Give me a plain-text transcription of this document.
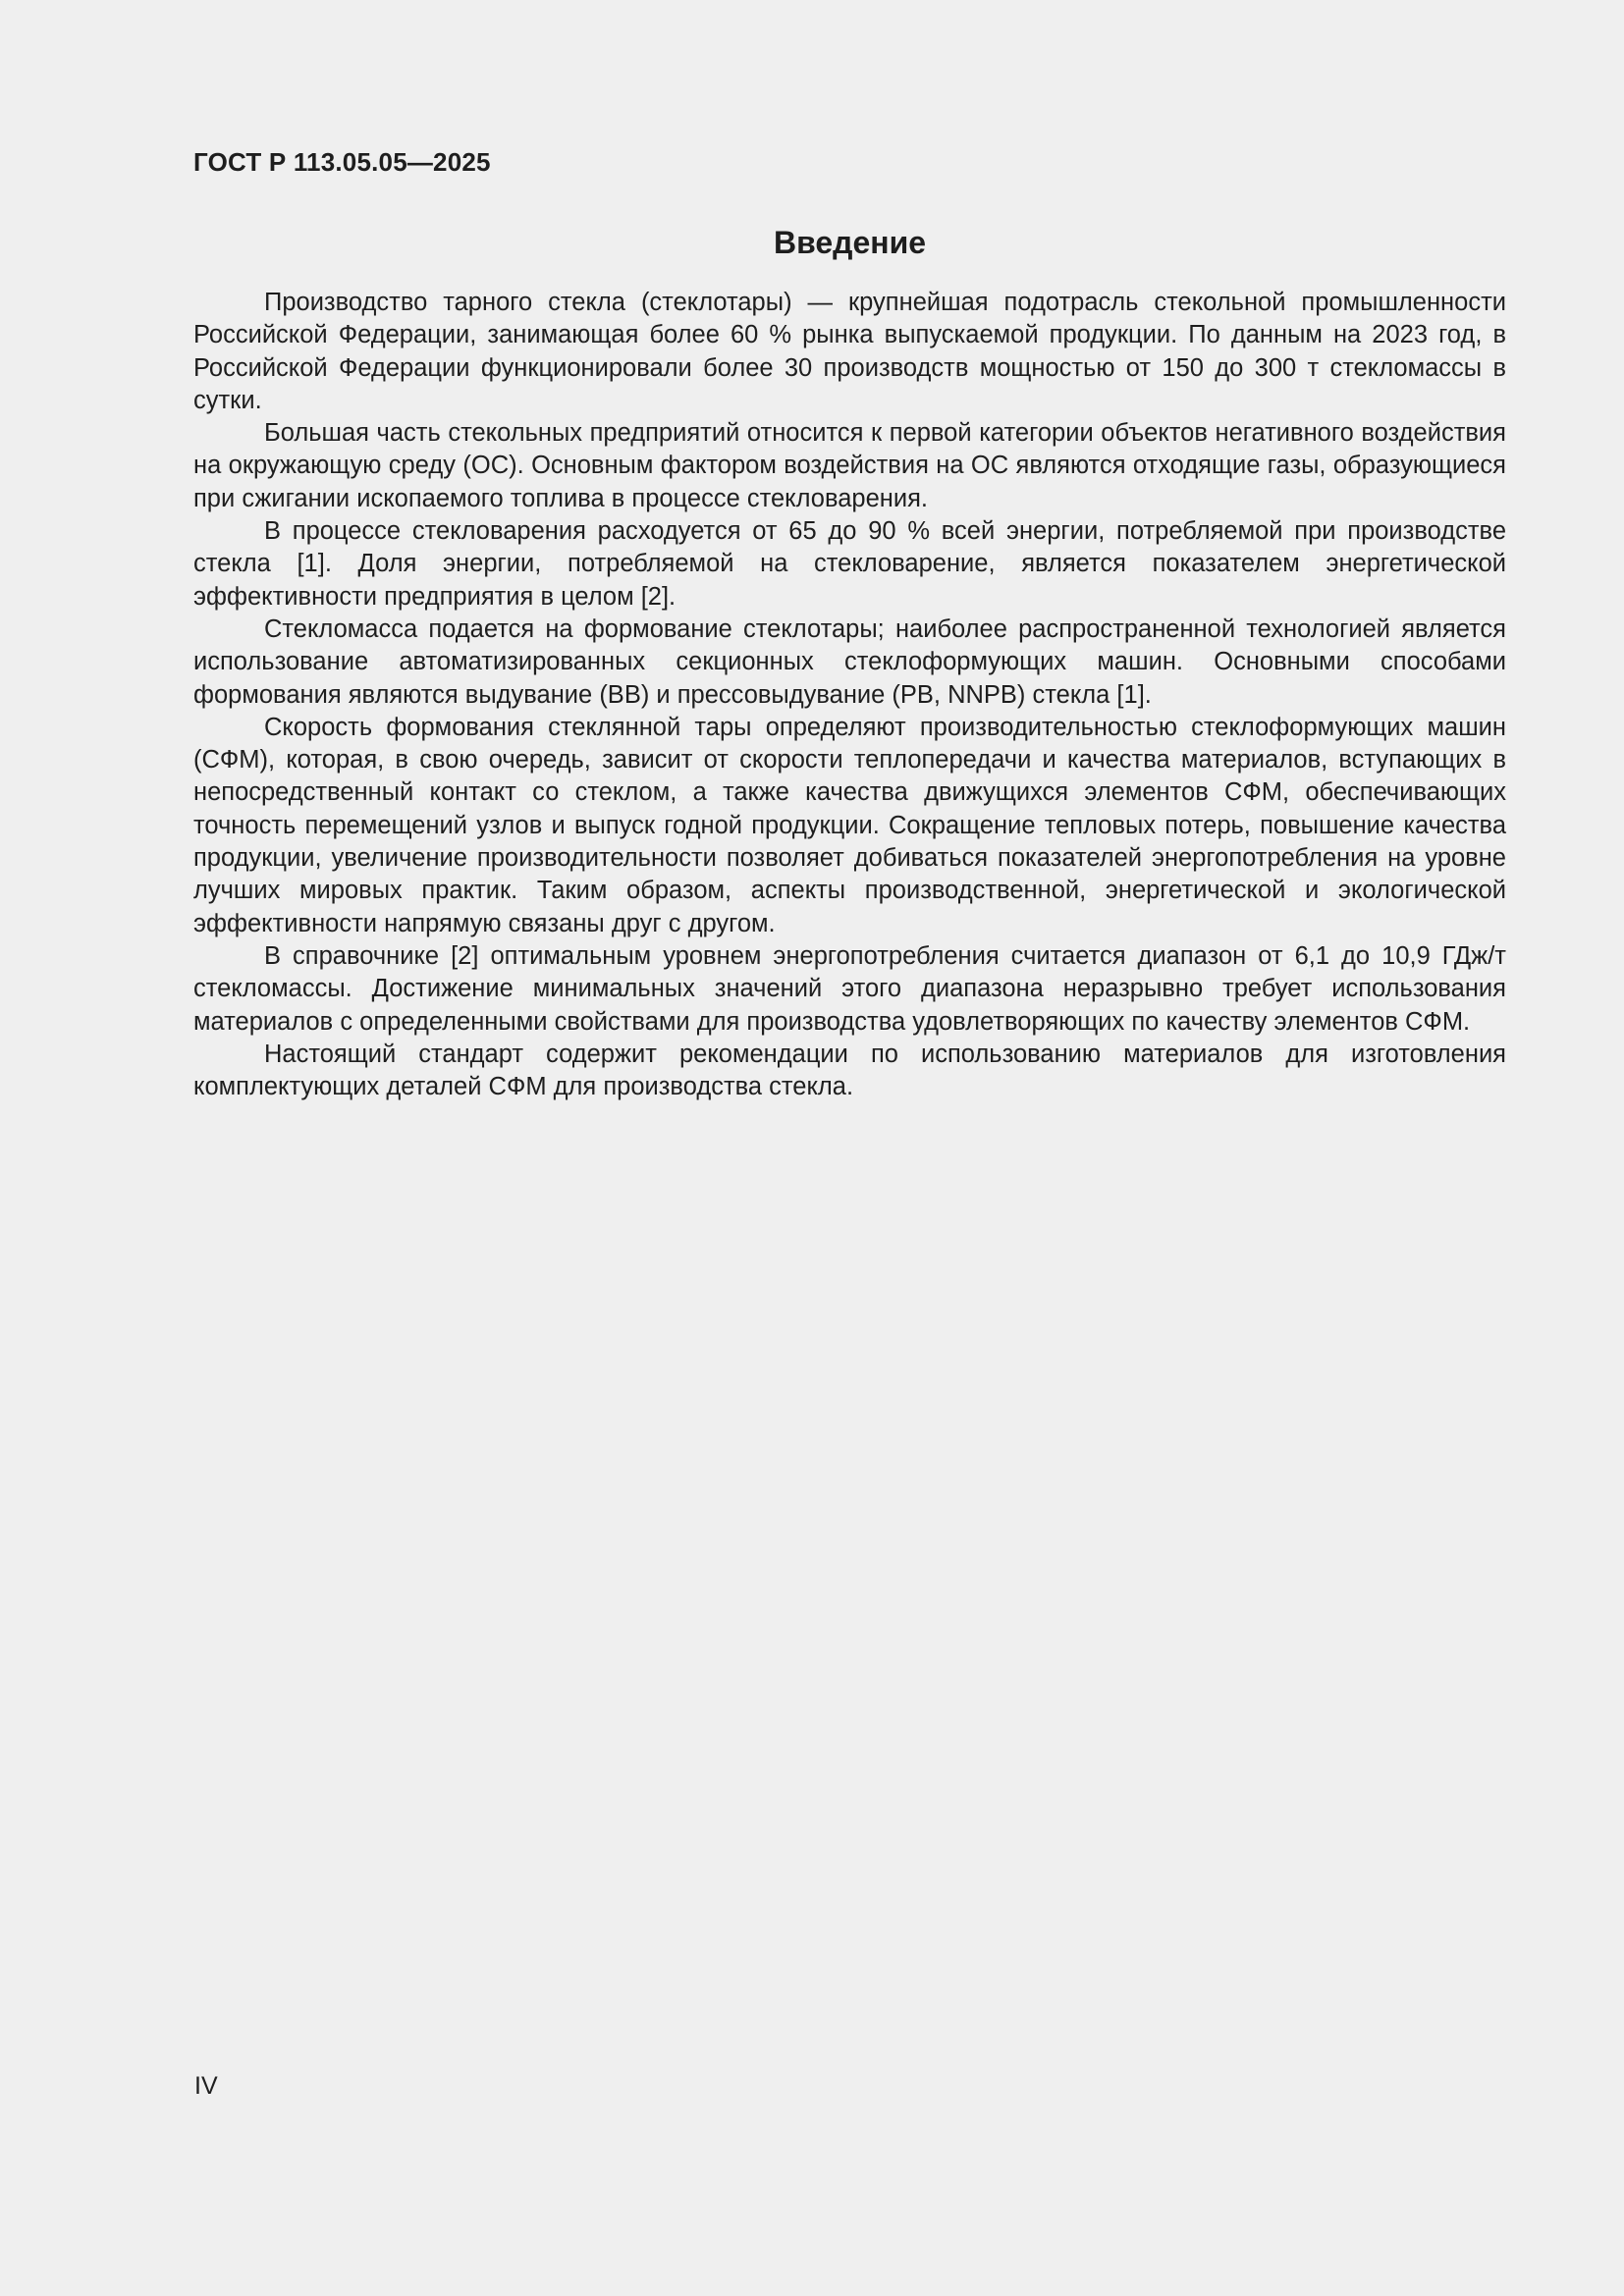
ГОСТ Р 113.05.05—2025
Введение

Производство тарного стекла (стеклотары) — крупнейшая подотрасль стекольной промышленности Российской Федерации, занимающая более 60 % рынка выпускаемой продукции. По данным на 2023 год, в Российской Федерации функционировали более 30 производств мощностью от 150 до 300 т стекломассы в сутки.

Большая часть стекольных предприятий относится к первой категории объектов негативного воздействия на окружающую среду (ОС). Основным фактором воздействия на ОС являются отходящие газы, образующиеся при сжигании ископаемого топлива в процессе стекловарения.

В процессе стекловарения расходуется от 65 до 90 % всей энергии, потребляемой при производстве стекла [1]. Доля энергии, потребляемой на стекловарение, является показателем энергетической эффективности предприятия в целом [2].

Стекломасса подается на формование стеклотары; наиболее распространенной технологией является использование автоматизированных секционных стеклоформующих машин. Основными способами формования являются выдувание (ВВ) и прессовыдувание (РВ, NNPB) стекла [1].

Скорость формования стеклянной тары определяют производительностью стеклоформующих машин (СФМ), которая, в свою очередь, зависит от скорости теплопередачи и качества материалов, вступающих в непосредственный контакт со стеклом, а также качества движущихся элементов СФМ, обеспечивающих точность перемещений узлов и выпуск годной продукции. Сокращение тепловых потерь, повышение качества продукции, увеличение производительности позволяет добиваться показателей энергопотребления на уровне лучших мировых практик. Таким образом, аспекты производственной, энергетической и экологической эффективности напрямую связаны друг с другом.

В справочнике [2] оптимальным уровнем энергопотребления считается диапазон от 6,1 до 10,9 ГДж/т стекломассы. Достижение минимальных значений этого диапазона неразрывно требует использования материалов с определенными свойствами для производства удовлетворяющих по качеству элементов СФМ.

Настоящий стандарт содержит рекомендации по использованию материалов для изготовления комплектующих деталей СФМ для производства стекла.

IV
